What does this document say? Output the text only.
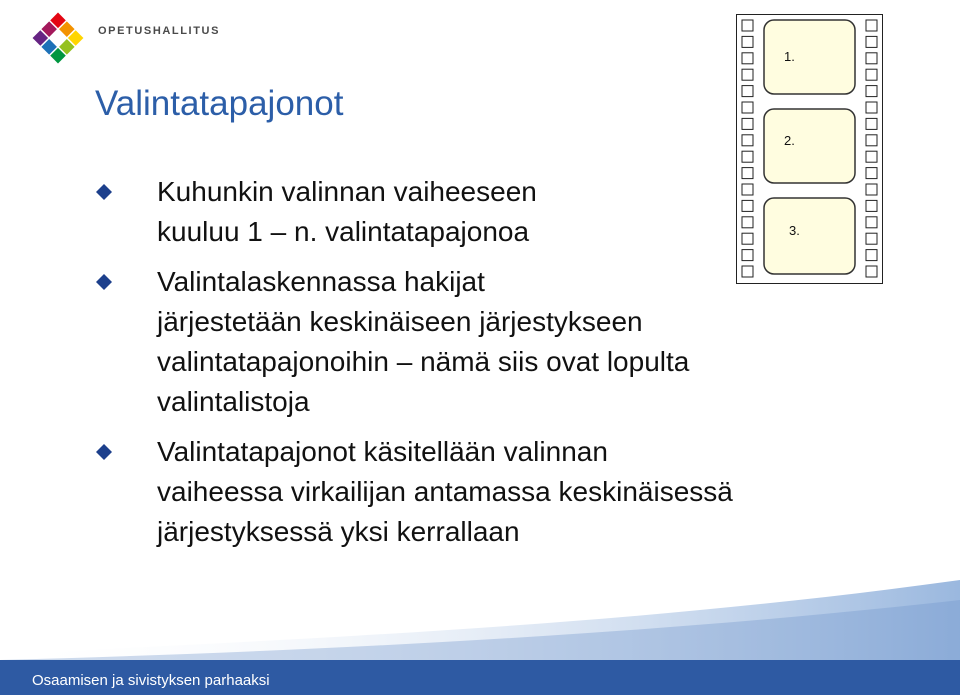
OPETUSHALLITUS
Valintatapajonot
Kuhunkin valinnan vaiheeseen
kuuluu 1 – n. valintatapajonoa
Valintalaskennassa hakijat
järjestetään keskinäiseen järjestykseen
valintatapajonoihin – nämä siis ovat lopulta
valintalistoja
Valintatapajonot käsitellään valinnan
vaiheessa virkailijan antamassa keskinäisessä
järjestyksessä yksi kerrallaan
1.
2.
3.
Osaamisen ja sivistyksen parhaaksi
